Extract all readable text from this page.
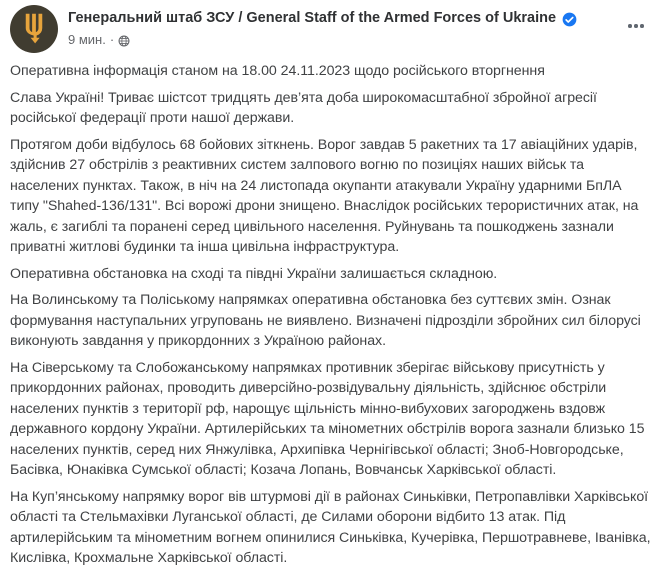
Генеральний штаб ЗСУ / General Staff of the Armed Forces of Ukraine
9 мин. ·

Оперативна інформація станом на 18.00 24.11.2023 щодо російського вторгнення

Слава Україні! Триває шістсот тридцять дев’ята доба широкомасштабної збройної агресії російської федерації проти нашої держави.

Протягом доби відбулось 68 бойових зіткнень. Ворог завдав 5 ракетних та 17 авіаційних ударів, здійснив 27 обстрілів з реактивних систем залпового вогню по позиціях наших військ та населених пунктах. Також, в ніч на 24 листопада окупанти атакували Україну ударними БпЛА типу "Shahed-136/131". Всі ворожі дрони знищено. Внаслідок російських терористичних атак, на жаль, є загиблі та поранені серед цивільного населення. Руйнувань та пошкоджень зазнали приватні житлові будинки та інша цивільна інфраструктура.

Оперативна обстановка на сході та півдні України залишається складною.

На Волинському та Поліському напрямках оперативна обстановка без суттєвих змін. Ознак формування наступальних угруповань не виявлено. Визначені підрозділи збройних сил білорусі виконують завдання у прикордонних з Україною районах.

На Сіверському та Слобожанському напрямках противник зберігає військову присутність у прикордонних районах, проводить диверсійно-розвідувальну діяльність, здійснює обстріли населених пунктів з території рф, нарощує щільність мінно-вибухових загороджень вздовж державного кордону України. Артилерійських та мінометних обстрілів ворога зазнали близько 15 населених пунктів, серед них Янжулівка, Архипівка Чернігівської області; Зноб-Новгородське, Басівка, Юнаківка Сумської області; Козача Лопань, Вовчанськ Харківської області.

На Куп’янському напрямку ворог вів штурмові дії в районах Синьківки, Петропавлівки Харківської області та Стельмахівки Луганської області, де Силами оборони відбито 13 атак. Під артилерійським та мінометним вогнем опинилися Синьківка, Кучерівка, Першотравневе, Іванівка, Кислівка, Крохмальне Харківської області.
